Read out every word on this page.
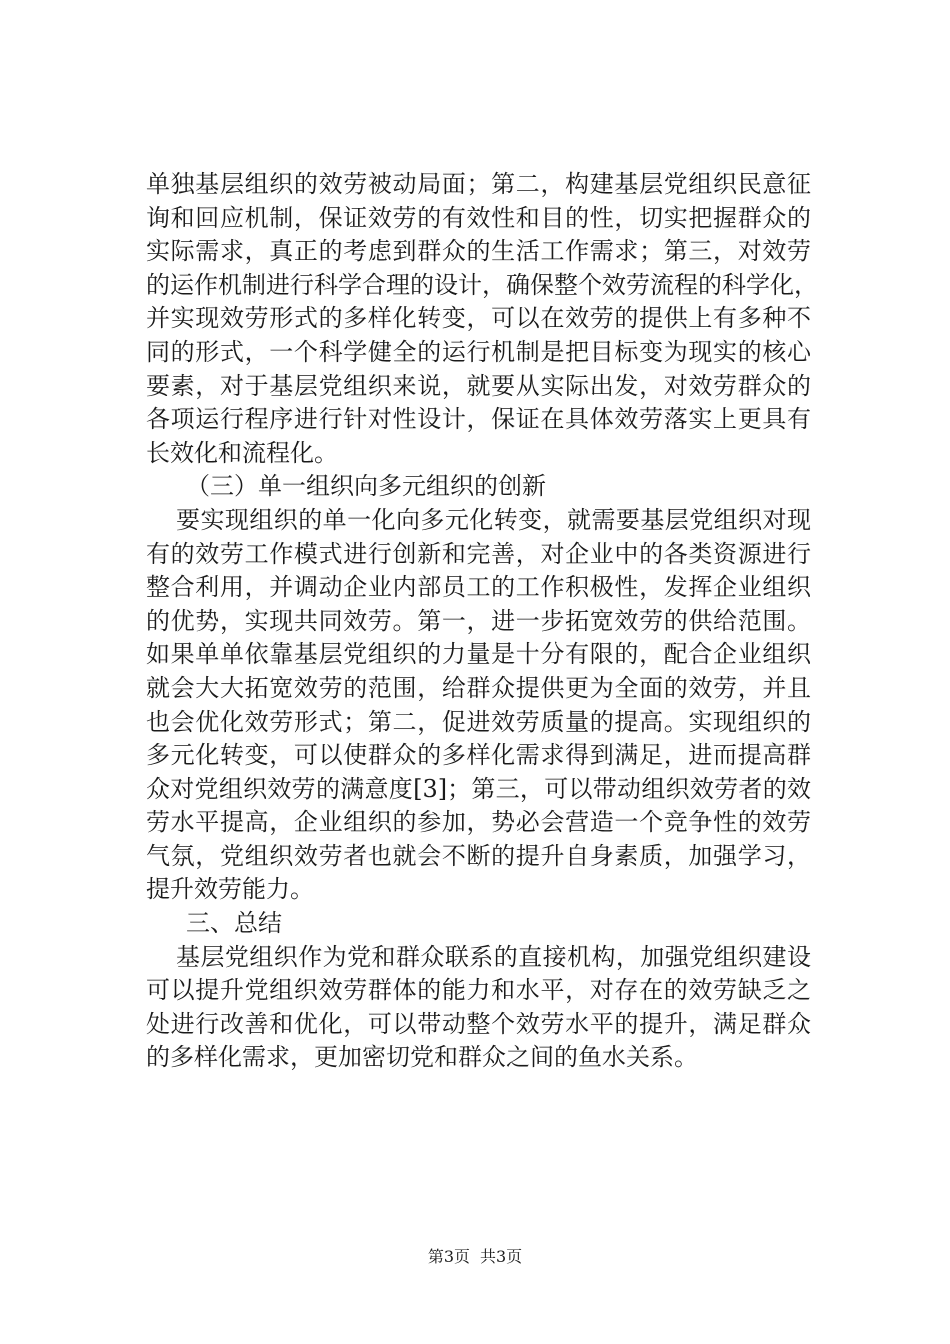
单独基层组织的效劳被动局面；第二，构建基层党组织民意征
询和回应机制，保证效劳的有效性和目的性，切实把握群众的
实际需求，真正的考虑到群众的生活工作需求；第三，对效劳
的运作机制进行科学合理的设计，确保整个效劳流程的科学化，
并实现效劳形式的多样化转变，可以在效劳的提供上有多种不
同的形式，一个科学健全的运行机制是把目标变为现实的核心
要素，对于基层党组织来说，就要从实际出发，对效劳群众的
各项运行程序进行针对性设计，保证在具体效劳落实上更具有
长效化和流程化。
（三）单一组织向多元组织的创新
要实现组织的单一化向多元化转变，就需要基层党组织对现
有的效劳工作模式进行创新和完善，对企业中的各类资源进行
整合利用，并调动企业内部员工的工作积极性，发挥企业组织
的优势，实现共同效劳。第一，进一步拓宽效劳的供给范围。
如果单单依靠基层党组织的力量是十分有限的，配合企业组织
就会大大拓宽效劳的范围，给群众提供更为全面的效劳，并且
也会优化效劳形式；第二，促进效劳质量的提高。实现组织的
多元化转变，可以使群众的多样化需求得到满足，进而提高群
众对党组织效劳的满意度[3]；第三，可以带动组织效劳者的效
劳水平提高，企业组织的参加，势必会营造一个竞争性的效劳
气氛，党组织效劳者也就会不断的提升自身素质，加强学习，
提升效劳能力。
三、总结
基层党组织作为党和群众联系的直接机构，加强党组织建设
可以提升党组织效劳群体的能力和水平，对存在的效劳缺乏之
处进行改善和优化，可以带动整个效劳水平的提升，满足群众
的多样化需求，更加密切党和群众之间的鱼水关系。
第3页 共3页
